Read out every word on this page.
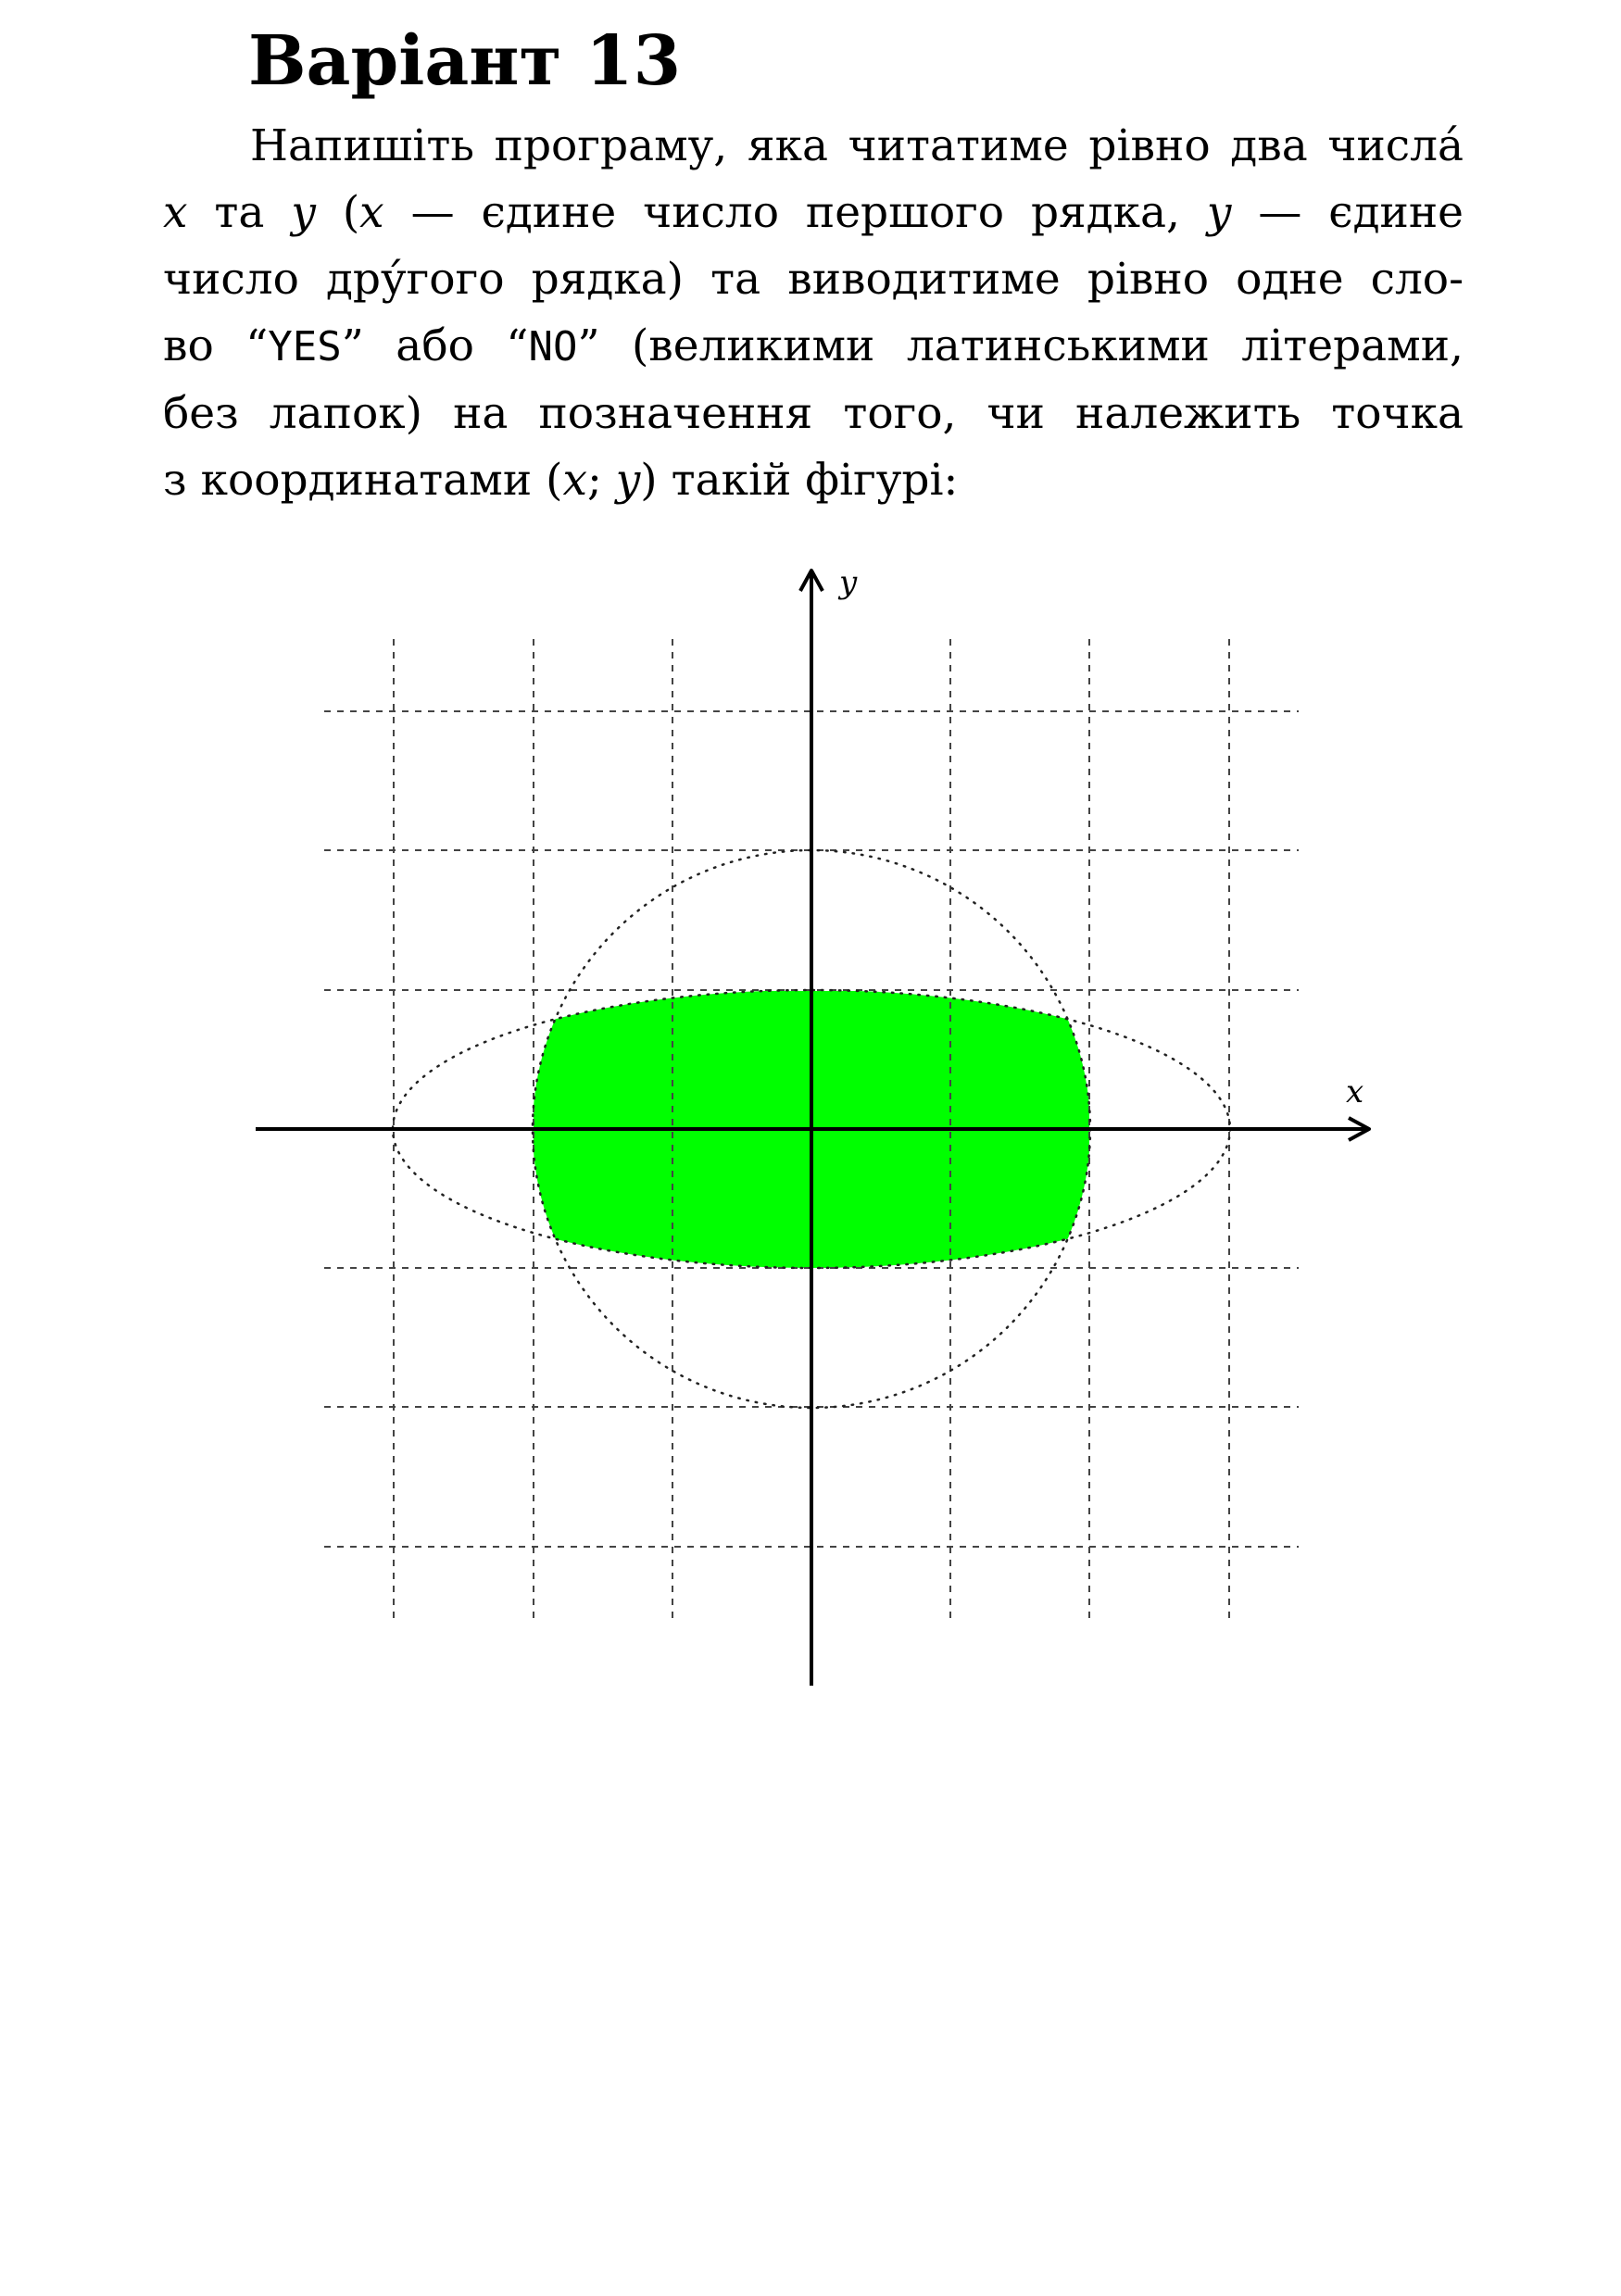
Варіант 13
Напишіть програму, яка читатиме рівно два числá
x та y (x — єдине число першого рядка, y — єдине
число дру́гого рядка) та виводитиме рівно одне сло-
во “YES” або “NO” (великими латинськими літерами,
без лапок) на позначення того, чи належить точка
з координатами (x; y) такій фігурі:
x
y
